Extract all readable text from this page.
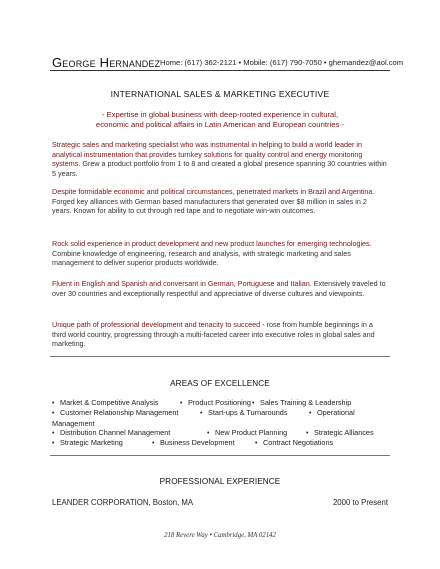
George Hernandez Home: (617) 362-2121 • Mobile: (617) 790-7050 • ghernandez@aol.com
INTERNATIONAL SALES & MARKETING EXECUTIVE
- Expertise in global business with deep-rooted experience in cultural, economic and political affairs in Latin American and European countries -
Strategic sales and marketing specialist who was instrumental in helping to build a world leader in analytical instrumentation that provides turnkey solutions for quality control and energy monitoring systems. Grew a product portfolio from 1 to 8 and created a global presence spanning 30 countries within 5 years.
Despite formidable economic and political circumstances, penetrated markets in Brazil and Argentina. Forged key alliances with German based manufacturers that generated over $8 million in sales in 2 years. Known for ability to cut through red tape and to negotiate win-win outcomes.
Rock solid experience in product development and new product launches for emerging technologies. Combine knowledge of engineering, research and analysis, with strategic marketing and sales management to deliver superior products worldwide.
Fluent in English and Spanish and conversant in German, Portuguese and Italian. Extensively traveled to over 30 countries and exceptionally respectful and appreciative of diverse cultures and viewpoints.
Unique path of professional development and tenacity to succeed - rose from humble beginnings in a third world country, progressing through a multi-faceted career into executive roles in global sales and marketing.
AREAS OF EXCELLENCE
• Market & Competitive Analysis	• Product Positioning • Sales Training & Leadership
• Customer Relationship Management	• Start-ups & Turnarounds	• Operational Management
• Distribution Channel Management	• New Product Planning	• Strategic Alliances
• Strategic Marketing	• Business Development	• Contract Negotiations
PROFESSIONAL EXPERIENCE
LEANDER CORPORATION, Boston, MA	2000 to Present
218 Revere Way • Cambridge, MA 02142
